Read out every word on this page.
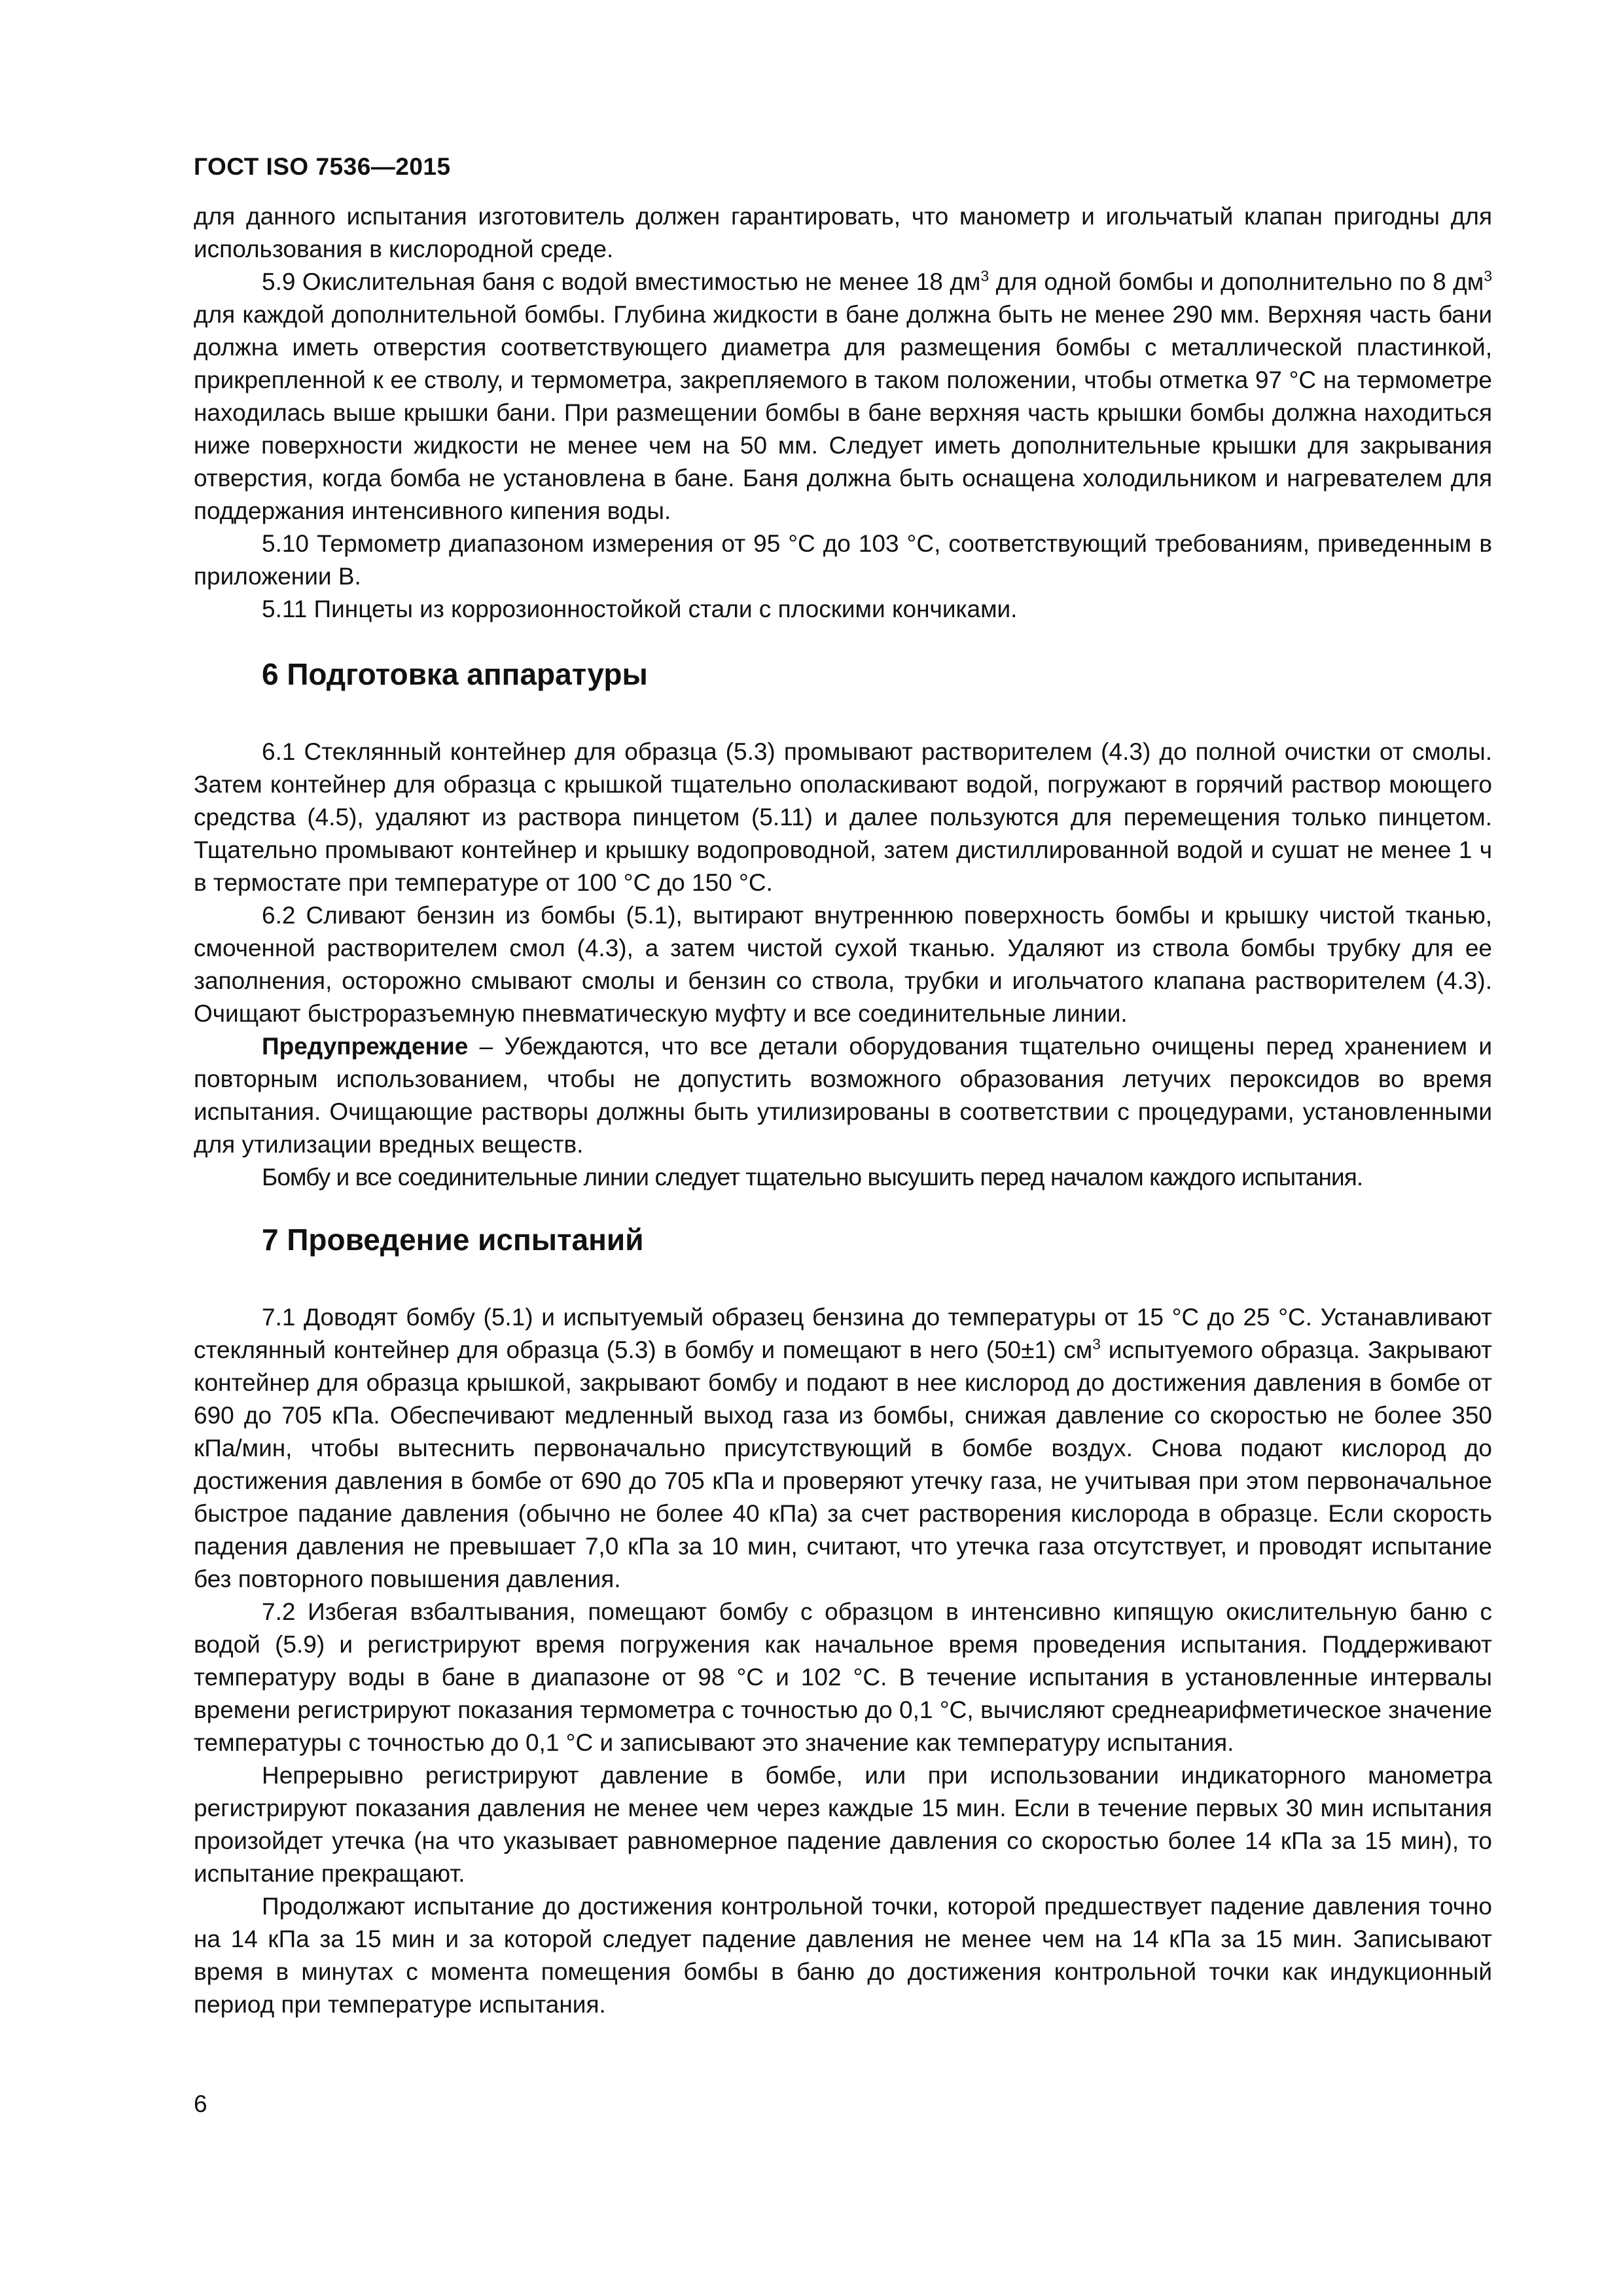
ГОСТ ISO 7536—2015

для данного испытания изготовитель должен гарантировать, что манометр и игольчатый клапан пригодны для использования в кислородной среде.

5.9 Окислительная баня с водой вместимостью не менее 18 $дм^3$ для одной бомбы и дополнительно по 8 $дм^3$ для каждой дополнительной бомбы. Глубина жидкости в бане должна быть не менее 290 мм. Верхняя часть бани должна иметь отверстия соответствующего диаметра для размещения бомбы с металлической пластинкой, прикрепленной к ее стволу, и термометра, закрепляемого в таком положении, чтобы отметка 97 °С на термометре находилась выше крышки бани. При размещении бомбы в бане верхняя часть крышки бомбы должна находиться ниже поверхности жидкости не менее чем на 50 мм. Следует иметь дополнительные крышки для закрывания отверстия, когда бомба не установлена в бане. Баня должна быть оснащена холодильником и нагревателем для поддержания интенсивного кипения воды.

5.10 Термометр диапазоном измерения от 95 °С до 103 °С, соответствующий требованиям, приведенным в приложении В.

5.11 Пинцеты из коррозионностойкой стали с плоскими кончиками.

6 Подготовка аппаратуры

6.1 Стеклянный контейнер для образца (5.3) промывают растворителем (4.3) до полной очистки от смолы. Затем контейнер для образца с крышкой тщательно ополаскивают водой, погружают в горячий раствор моющего средства (4.5), удаляют из раствора пинцетом (5.11) и далее пользуются для перемещения только пинцетом. Тщательно промывают контейнер и крышку водопроводной, затем дистиллированной водой и сушат не менее 1 ч в термостате при температуре от 100 °С до 150 °С.

6.2 Сливают бензин из бомбы (5.1), вытирают внутреннюю поверхность бомбы и крышку чистой тканью, смоченной растворителем смол (4.3), а затем чистой сухой тканью. Удаляют из ствола бомбы трубку для ее заполнения, осторожно смывают смолы и бензин со ствола, трубки и игольчатого клапана растворителем (4.3). Очищают быстроразъемную пневматическую муфту и все соединительные линии.

Предупреждение – Убеждаются, что все детали оборудования тщательно очищены перед хранением и повторным использованием, чтобы не допустить возможного образования летучих пероксидов во время испытания. Очищающие растворы должны быть утилизированы в соответствии с процедурами, установленными для утилизации вредных веществ.

Бомбу и все соединительные линии следует тщательно высушить перед началом каждого испытания.

7 Проведение испытаний

7.1 Доводят бомбу (5.1) и испытуемый образец бензина до температуры от 15 °С до 25 °С. Устанавливают стеклянный контейнер для образца (5.3) в бомбу и помещают в него (50±1) $см^3$ испытуемого образца. Закрывают контейнер для образца крышкой, закрывают бомбу и подают в нее кислород до достижения давления в бомбе от 690 до 705 кПа. Обеспечивают медленный выход газа из бомбы, снижая давление со скоростью не более 350 кПа/мин, чтобы вытеснить первоначально присутствующий в бомбе воздух. Снова подают кислород до достижения давления в бомбе от 690 до 705 кПа и проверяют утечку газа, не учитывая при этом первоначальное быстрое падание давления (обычно не более 40 кПа) за счет растворения кислорода в образце. Если скорость падения давления не превышает 7,0 кПа за 10 мин, считают, что утечка газа отсутствует, и проводят испытание без повторного повышения давления.

7.2 Избегая взбалтывания, помещают бомбу с образцом в интенсивно кипящую окислительную баню с водой (5.9) и регистрируют время погружения как начальное время проведения испытания. Поддерживают температуру воды в бане в диапазоне от 98 °С и 102 °С. В течение испытания в установленные интервалы времени регистрируют показания термометра с точностью до 0,1 °С, вычисляют среднеарифметическое значение температуры с точностью до 0,1 °С и записывают это значение как температуру испытания.

Непрерывно регистрируют давление в бомбе, или при использовании индикаторного манометра регистрируют показания давления не менее чем через каждые 15 мин. Если в течение первых 30 мин испытания произойдет утечка (на что указывает равномерное падение давления со скоростью более 14 кПа за 15 мин), то испытание прекращают.

Продолжают испытание до достижения контрольной точки, которой предшествует падение давления точно на 14 кПа за 15 мин и за которой следует падение давления не менее чем на 14 кПа за 15 мин. Записывают время в минутах с момента помещения бомбы в баню до достижения контрольной точки как индукционный период при температуре испытания.

6
